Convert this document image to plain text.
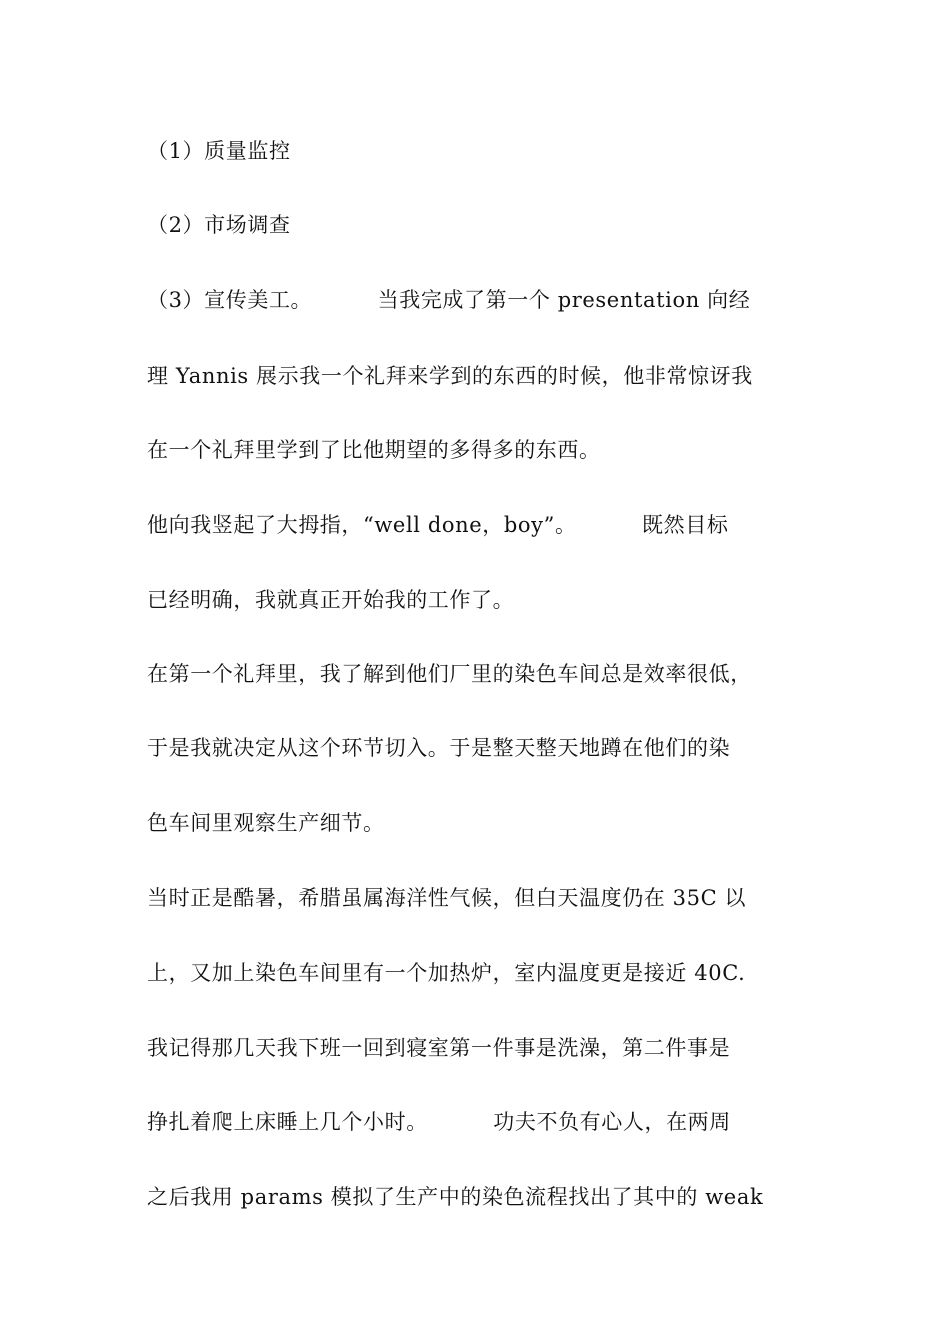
（1）质量监控
（2）市场调查
（3）宣传美工。         当我完成了第一个 presentation 向经
理 Yannis 展示我一个礼拜来学到的东西的时候，他非常惊讶我
在一个礼拜里学到了比他期望的多得多的东西。
他向我竖起了大拇指，“well done，boy”。         既然目标
已经明确，我就真正开始我的工作了。
在第一个礼拜里，我了解到他们厂里的染色车间总是效率很低，
于是我就决定从这个环节切入。于是整天整天地蹲在他们的染
色车间里观察生产细节。
当时正是酷暑，希腊虽属海洋性气候，但白天温度仍在 35C 以
上，又加上染色车间里有一个加热炉，室内温度更是接近 40C.
我记得那几天我下班一回到寝室第一件事是洗澡，第二件事是
挣扎着爬上床睡上几个小时。         功夫不负有心人，在两周
之后我用 params 模拟了生产中的染色流程找出了其中的 weak
